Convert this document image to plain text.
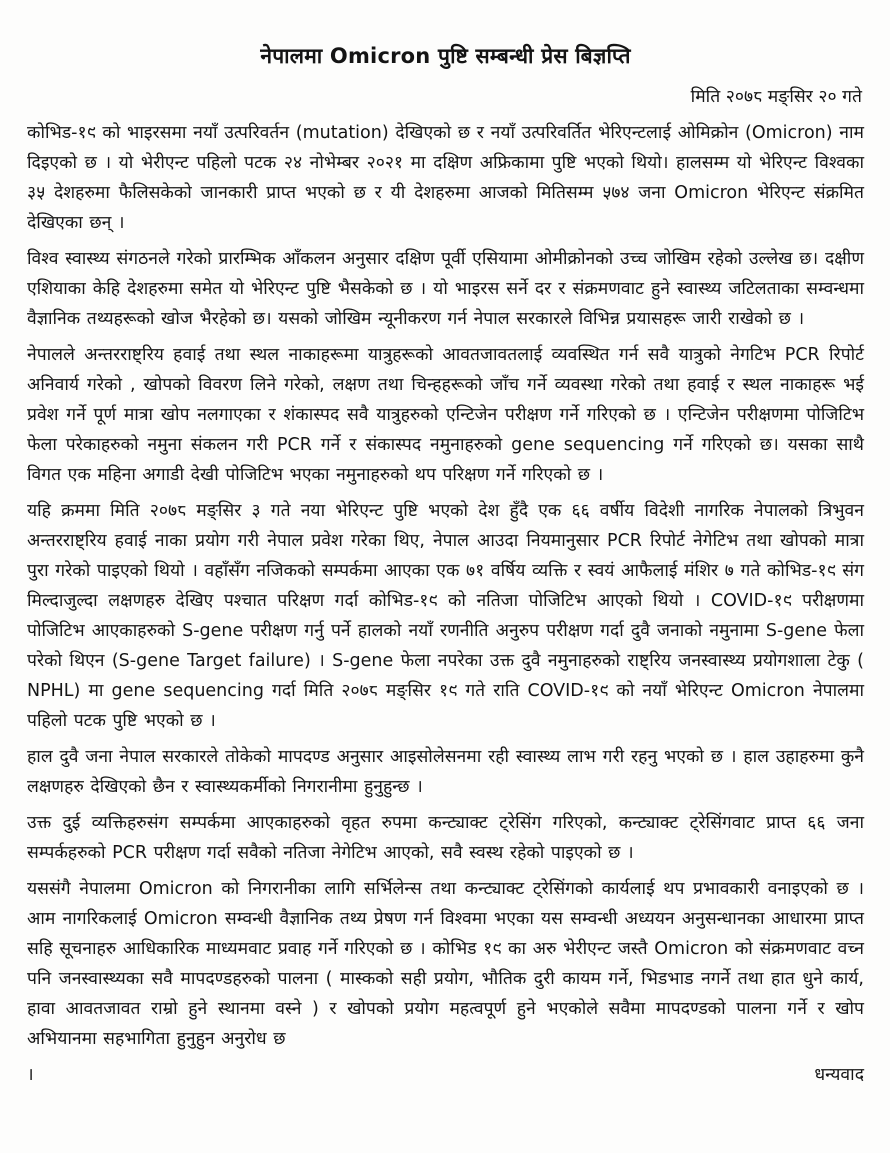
नेपालमा Omicron पुष्टि सम्बन्धी प्रेस बिज्ञप्ति
मिति २०७८ मङ्सिर २० गते

कोभिड-१९ को भाइरसमा नयाँ उत्परिवर्तन (mutation) देखिएको छ र नयाँ उत्परिवर्तित भेरिएन्टलाई ओमिक्रोन (Omicron) नाम दिइएको छ । यो भेरीएन्ट पहिलो पटक २४ नोभेम्बर २०२१ मा दक्षिण अफ्रिकामा पुष्टि भएको थियो। हालसम्म यो भेरिएन्ट विश्वका ३५ देशहरुमा फैलिसकेको जानकारी प्राप्त भएको छ र यी देशहरुमा आजको मितिसम्म ५७४ जना Omicron भेरिएन्ट संक्रमित देखिएका छन् ।

विश्व स्वास्थ्य संगठनले गरेको प्रारम्भिक आँकलन अनुसार दक्षिण पूर्वी एसियामा ओमीक्रोनको उच्च जोखिम रहेको उल्लेख छ। दक्षीण एशियाका केहि देशहरुमा समेत यो भेरिएन्ट पुष्टि भैसकेको छ । यो भाइरस सर्ने दर र संक्रमणवाट हुने स्वास्थ्य जटिलताका सम्वन्धमा वैज्ञानिक तथ्यहरूको खोज भैरहेको छ। यसको जोखिम न्यूनीकरण गर्न नेपाल सरकारले विभिन्न प्रयासहरू जारी राखेको छ ।

नेपालले अन्तरराष्ट्रिय हवाई तथा स्थल नाकाहरूमा यात्रुहरूको आवतजावतलाई व्यवस्थित गर्न सवै यात्रुको नेगटिभ PCR रिपोर्ट अनिवार्य गरेको , खोपको विवरण लिने गरेको, लक्षण तथा चिन्हहरूको जाँच गर्ने व्यवस्था गरेको तथा हवाई र स्थल नाकाहरू भई प्रवेश गर्ने पूर्ण मात्रा खोप नलगाएका र शंकास्पद सवै यात्रुहरुको एन्टिजेन परीक्षण गर्ने गरिएको छ । एन्टिजेन परीक्षणमा पोजिटिभ फेला परेकाहरुको नमुना संकलन गरी PCR गर्ने र संकास्पद नमुनाहरुको gene sequencing गर्ने गरिएको छ। यसका साथै विगत एक महिना अगाडी देखी पोजिटिभ भएका नमुनाहरुको थप परिक्षण गर्ने गरिएको छ ।

यहि क्रममा मिति २०७८ मङ्सिर ३ गते नया भेरिएन्ट पुष्टि भएको देश हुँदै एक ६६ वर्षीय विदेशी नागरिक नेपालको त्रिभुवन अन्तरराष्ट्रिय हवाई नाका प्रयोग गरी नेपाल प्रवेश गरेका थिए, नेपाल आउदा नियमानुसार PCR रिपोर्ट नेगेटिभ तथा खोपको मात्रा पुरा गरेको पाइएको थियो । वहाँसँग नजिकको सम्पर्कमा आएका एक ७१ वर्षिय व्यक्ति र स्वयं आफैलाई मंशिर ७ गते कोभिड-१९ संग मिल्दाजुल्दा लक्षणहरु देखिए पश्चात परिक्षण गर्दा कोभिड-१९ को नतिजा पोजिटिभ आएको थियो । COVID-१९ परीक्षणमा पोजिटिभ आएकाहरुको S-gene परीक्षण गर्नु पर्ने हालको नयाँ रणनीति अनुरुप परीक्षण गर्दा दुवै जनाको नमुनामा S-gene फेला परेको थिएन (S-gene Target failure) । S-gene फेला नपरेका उक्त दुवै नमुनाहरुको राष्ट्रिय जनस्वास्थ्य प्रयोगशाला टेकु ( NPHL) मा gene sequencing गर्दा मिति २०७८ मङ्सिर १९ गते राति COVID-१९ को नयाँ भेरिएन्ट Omicron नेपालमा पहिलो पटक पुष्टि भएको छ ।

हाल दुवै जना नेपाल सरकारले तोकेको मापदण्ड अनुसार आइसोलेसनमा रही स्वास्थ्य लाभ गरी रहनु भएको छ । हाल उहाहरुमा कुनै लक्षणहरु देखिएको छैन र स्वास्थ्यकर्मीको निगरानीमा हुनुहुन्छ ।

उक्त दुई व्यक्तिहरुसंग सम्पर्कमा आएकाहरुको वृहत रुपमा कन्ट्याक्ट ट्रेसिंग गरिएको, कन्ट्याक्ट ट्रेसिंगवाट प्राप्त ६६ जना सम्पर्कहरुको PCR परीक्षण गर्दा सवैको नतिजा नेगेटिभ आएको, सवै स्वस्थ रहेको पाइएको छ ।

यससंगै नेपालमा Omicron को निगरानीका लागि सर्भिलेन्स तथा कन्ट्याक्ट ट्रेसिंगको कार्यलाई थप प्रभावकारी वनाइएको छ । आम नागरिकलाई Omicron सम्वन्धी वैज्ञानिक तथ्य प्रेषण गर्न विश्वमा भएका यस सम्वन्धी अध्ययन अनुसन्धानका आधारमा प्राप्त सहि सूचनाहरु आधिकारिक माध्यमवाट प्रवाह गर्ने गरिएको छ । कोभिड १९ का अरु भेरीएन्ट जस्तै Omicron को संक्रमणवाट वच्न पनि जनस्वास्थ्यका सवै मापदण्डहरुको पालना ( मास्कको सही प्रयोग, भौतिक दुरी कायम गर्ने, भिडभाड नगर्ने तथा हात धुने कार्य, हावा आवतजावत राम्रो हुने स्थानमा वस्ने ) र खोपको प्रयोग महत्वपूर्ण हुने भएकोले सवैमा मापदण्डको पालना गर्ने र खोप अभियानमा सहभागिता हुनुहुन अनुरोध छ

।	धन्यवाद
